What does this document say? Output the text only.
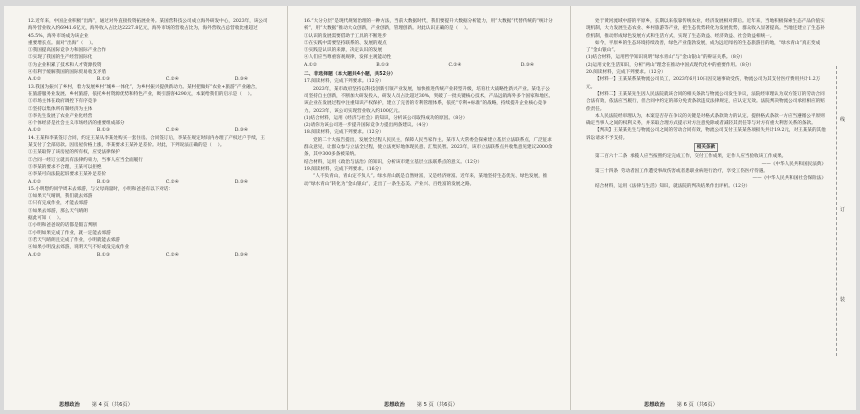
12.近年来，中国企业积极“出海”，通过对外直接投资拓展业务。某国营科技公司成立海外研发中心，2023年，该公司海外营业收入约6941.6亿元，海外收入占比达2227.8亿元，海外市场的营收占比为，海外营收占总营收比重超过45.5%，海外市场成为该企业
重要增长点。面对“出海”（    ）。
①我国提高国际竞争力和国际产业合作
②实现了我国的生产经营国际化
③为企业积累了技术和人才资源投资
④有利于缓解我国的国际贸易收支矛盾
A.①②	B.①③	C.②④	D.③④
13.我国为振兴了乡村，着力发展乡村“城乡一体化”，为乡村振兴提供新动力。某村把做好“农业+旅游”产业融合，
在旅游服务业发展、乡村旅游，依托乡村资源优势和特色产业，吸引游客4290元，本案给我们的启示是（    ）。
①市场主体在政府调控下有序竞争
②坚持以集体所有制经济为主体
③李先生发展了农业产业化经营
④个体经济是社会主义市场经济的重要组成部分
A.①②	B.①③	C.②④	D.③④
14.王某和李某签订合同，约定王某从李某处购买一套住房。合同签订后，李某在规定时间内办理了产权过户手续，王某支付了全部房款。因房屋价格上涨，李某要求王某补足差价。对此，下列说法正确的是（    ）。
①王某取得了该房屋的所有权，应受法律保护
②合同一经订立就具有法律约束力，当事人应当全面履行
③李某的要求不合理，王某可以拒绝
④李某可向法院起诉要求王某补足差价
A.①②	B.①③	C.②④	D.③④
15.小明想约同学周末去郊游，与父母商量时，小明和爸爸有以下对话：
①如果天气晴朗，我们就去郊游
②只有完成作业，才能去郊游
③如果去郊游，那么天气晴朗
据此可知（    ）。
①小明和爸爸说的话都是假言判断
②小明如果完成了作业，就一定能去郊游
③若天气晴朗且完成了作业，小明就能去郊游
④如果小明没去郊游，说明天气不好或没完成作业
A.①②	B.①③	C.②④	D.③④
16.“大分分层”是现代规划治理的一种方法，当前大数据时代，我们要提升大数据分析能力，用“大数据”代替传统的“统计分析”，用“大数据”推动大众创新，产业创新，管理创新。对此认识正确的是（    ）。
①认识的发展需要借助于工具的不断进步
②在实践中需要坚持联系的、发展的观点
③实践是认识的来源，决定认识的发展
④人们应当尊重客观规律，发挥主观能动性
A.①②	B.①③	C.②④	D.③④
二、非选择题（本大题共4小题，共52分）
17.阅读材料，完成下列要求。（12分）
2023年，某市政府坚持以科技创新引领产业发展，加快推进传统产业转型升级，培育壮大战略性新兴产业。某电子公司坚持自主创新，不断加大研发投入，研发人员占比超过30%，突破了一批关键核心技术，产品远销海外多个国家和地区。该企业在发展过程中注重知识产权保护，建立了完善的专利管理体系，依托“专利+标准”的战略，持续提升企业核心竞争力。2023年，该公司实现营业收入约100亿元。
(1)结合材料，运用《经济与社会》的知识，分析该公司取得成功的原因。（8分）
(2)请你为该公司进一步提升国际竞争力提出两条建议。（4分）
18.阅读材料，完成下列要求。（12分）
党的二十大报告提出，发展全过程人民民主，保障人民当家作主。某市人大常委会探索建立基层立法联系点，广泛征求群众意见，让群众参与立法全过程，使立法更好地体现民意、汇集民智。2023年，该市立法联系点共收集意见建议2000余条，其中300多条被采纳。
结合材料，运用《政治与法治》的知识，分析该市建立基层立法联系点的意义。（12分）
19.阅读材料，完成下列要求。（16分）
“人不负青山，青山定不负人”。绿水青山既是自然财富，又是经济财富。近年来，某地坚持生态优先、绿色发展，推动“绿水青山”转化为“金山银山”，走出了一条生态美、产业兴、百姓富的发展之路。
处于黄河流域中游的平原乡，长期以来依靠传统农业，经济发展相对滞后。近年来，当地积极探索生态产品价值实现机制，大力发展生态农业、乡村旅游等产业，把生态优势转化为发展优势，群众收入显著提高。当地还建立了生态补偿机制，推动形成绿色发展方式和生活方式，实现了生态效益、经济效益、社会效益相统一。
如今，平原乡的生态环境持续改善，绿色产业蓬勃发展，成为远近闻名的生态旅游目的地，“绿水青山”真正变成了“金山银山”。
(1)结合材料，运用哲学知识说明“绿水青山”与“金山银山”的辩证关系。（8分）
(2)运用文化生活知识，分析“两山”理念在推动中国式现代化中的重要作用。（8分）
20.阅读材料，完成下列要求。（12分）
【材料一】王某某系某物流公司员工，2023年6月10日因交通事故受伤，物流公司为其支付医疗费用共计1.2万元。
【材料二】王某某先生因人民法院就该合同的相关条款与物流公司发生争议，法院经审理认为双方签订的劳动合同合法有效，依法应当履行，但合同中约定的部分免责条款违反法律规定，应认定无效。法院判决物流公司承担相应的赔偿责任。
本人民法院经审理认为，本案是否存在争议的关键是对格式条款效力的认定。提供格式条款一方应当遵循公平原则确定当事人之间的权利义务，并采取合理方式提示对方注意免除或者减轻其责任等与对方有重大利害关系的条款。
【判决】王某某先生与物流公司之间的劳动合同有效，物流公司支付王某某各项损失共计19.2元，对王某某的其他诉讼请求不予支持。
相关条款
第二百六十二条  承揽人应当按照约定完成工作，交付工作成果，定作人应当验收该工作成果。
——《中华人民共和国民法典》
第三十四条  劳动者因工作遭受事故伤害或者患职业病进行治疗，享受工伤医疗待遇。
——《中华人民共和国社会保险法》
结合材料，运用《法律与生活》知识，就法院的判决结果作出评析。（12分）
思想政治 第 4 页（共6页）	思想政治 第 5 页（共6页）	思想政治 第 6 页（共6页）
线
订
装
